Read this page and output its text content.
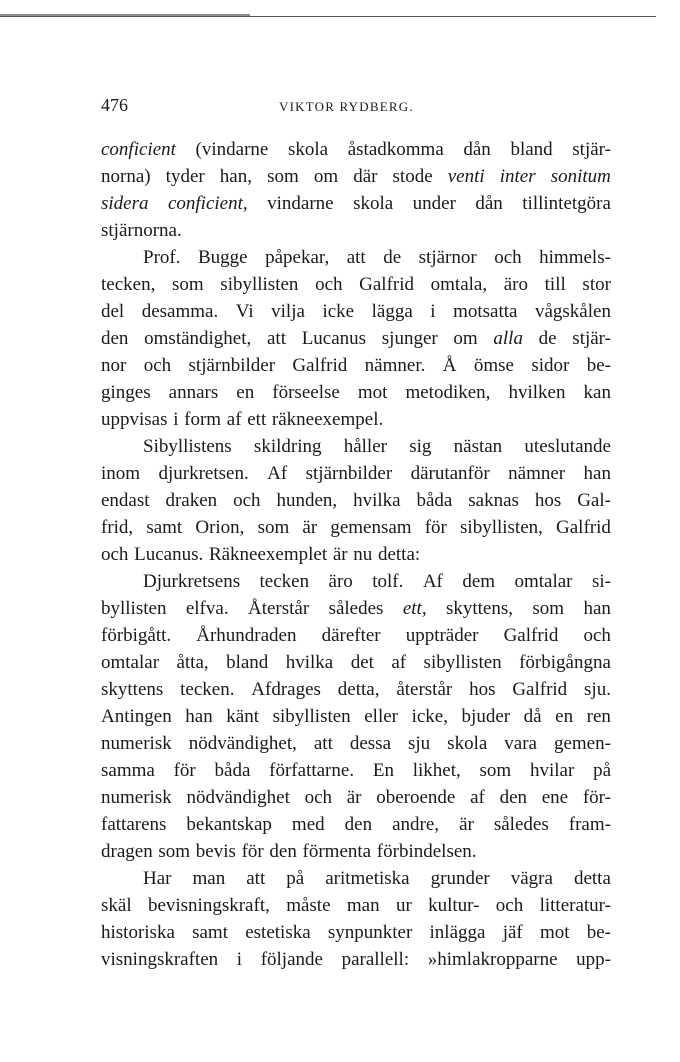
476	VIKTOR RYDBERG.
conficient (vindarne skola åstadkomma dån bland stjär-
norna) tyder han, som om där stode venti inter sonitum
sidera conficient, vindarne skola under dån tillintetgöra
stjärnorna.
Prof. Bugge påpekar, att de stjärnor och himmels-
tecken, som sibyllisten och Galfrid omtala, äro till stor
del desamma. Vi vilja icke lägga i motsatta vågskålen
den omständighet, att Lucanus sjunger om alla de stjär-
nor och stjärnbilder Galfrid nämner. Å ömse sidor be-
ginges annars en förseelse mot metodiken, hvilken kan
uppvisas i form af ett räkneexempel.
Sibyllistens skildring håller sig nästan uteslutande
inom djurkretsen. Af stjärnbilder därutanför nämner han
endast draken och hunden, hvilka båda saknas hos Gal-
frid, samt Orion, som är gemensam för sibyllisten, Galfrid
och Lucanus. Räkneexemplet är nu detta:
Djurkretsens tecken äro tolf. Af dem omtalar si-
byllisten elfva. Återstår således ett, skyttens, som han
förbigått. Århundraden därefter uppträder Galfrid och
omtalar åtta, bland hvilka det af sibyllisten förbigångna
skyttens tecken. Afdrages detta, återstår hos Galfrid sju.
Antingen han känt sibyllisten eller icke, bjuder då en ren
numerisk nödvändighet, att dessa sju skola vara gemen-
samma för båda författarne. En likhet, som hvilar på
numerisk nödvändighet och är oberoende af den ene för-
fattarens bekantskap med den andre, är således fram-
dragen som bevis för den förmenta förbindelsen.
Har man att på aritmetiska grunder vägra detta
skäl bevisningskraft, måste man ur kultur- och litteratur-
historiska samt estetiska synpunkter inlägga jäf mot be-
visningskraften i följande parallell: »himlakropparne upp-
